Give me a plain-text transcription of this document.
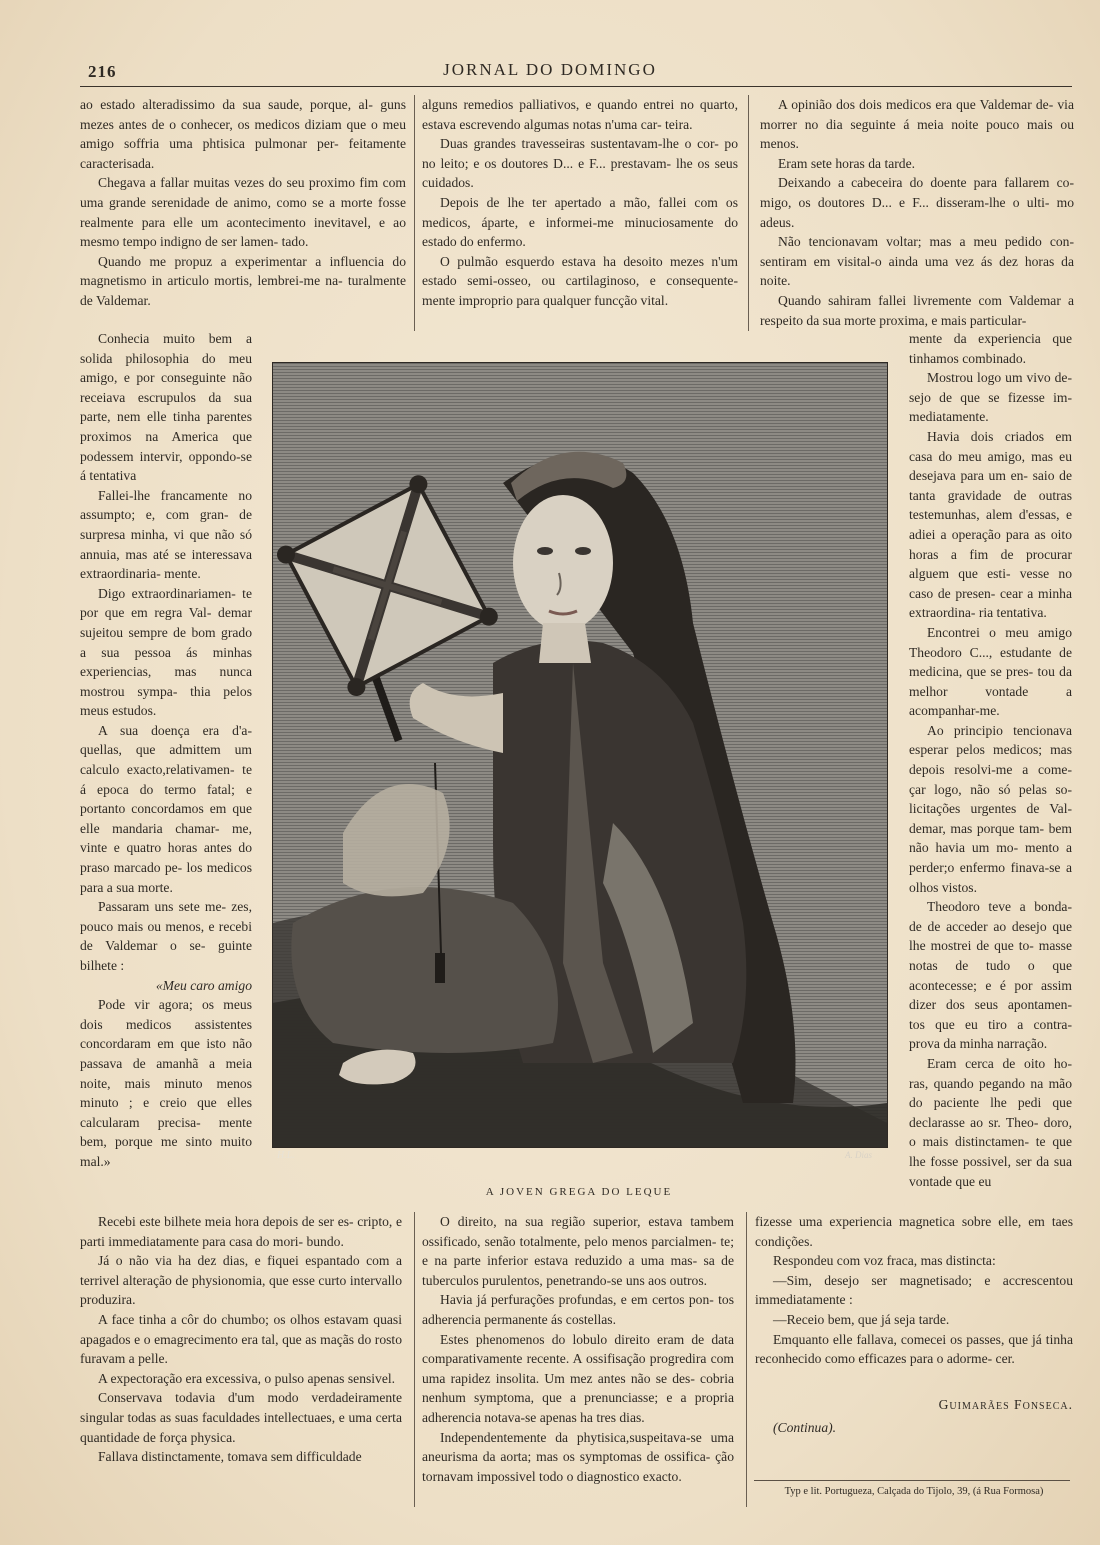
216	JORNAL DO DOMINGO

ao estado alteradissimo da sua saude, porque, al- guns mezes antes de o conhecer, os medicos diziam que o meu amigo soffria uma phtisica pulmonar per- feitamente caracterisada.

Chegava a fallar muitas vezes do seu proximo fim com uma grande serenidade de animo, como se a morte fosse realmente para elle um acontecimento inevitavel, e ao mesmo tempo indigno de ser lamen- tado.

Quando me propuz a experimentar a influencia do magnetismo in articulo mortis, lembrei-me na- turalmente de Valdemar.

Conhecia muito bem a solida philosophia do meu amigo, e por conseguinte não receiava escrupulos da sua parte, nem elle tinha parentes proximos na America que podessem intervir, oppondo-se á tentativa

Fallei-lhe francamente no assumpto; e, com gran- de surpresa minha, vi que não só annuia, mas até se interessava extraordinaria- mente.

Digo extraordinariamen- te por que em regra Val- demar sujeitou sempre de bom grado a sua pessoa ás minhas experiencias, mas nunca mostrou sympa- thia pelos meus estudos.

A sua doença era d'a- quellas, que admittem um calculo exacto,relativamen- te á epoca do termo fatal; e portanto concordamos em que elle mandaria chamar- me, vinte e quatro horas antes do praso marcado pe- los medicos para a sua morte.

Passaram uns sete me- zes, pouco mais ou menos, e recebi de Valdemar o se- guinte bilhete :

«Meu caro amigo

Pode vir agora; os meus dois medicos assistentes concordaram em que isto não passava de amanhã a meia noite, mais minuto menos minuto ; e creio que elles calcularam precisa- mente bem, porque me sinto muito mal.»

Recebi este bilhete meia hora depois de ser es- cripto, e parti immediatamente para casa do mori- bundo.

Já o não via ha dez dias, e fiquei espantado com a terrivel alteração de physionomia, que esse curto intervallo produzira.

A face tinha a côr do chumbo; os olhos estavam quasi apagados e o emagrecimento era tal, que as maçãs do rosto furavam a pelle.

A expectoração era excessiva, o pulso apenas sensivel.

Conservava todavia d'um modo verdadeiramente singular todas as suas faculdades intellectuaes, e uma certa quantidade de força physica.

Fallava distinctamente, tomava sem difficuldade

alguns remedios palliativos, e quando entrei no quarto, estava escrevendo algumas notas n'uma car- teira.

Duas grandes travesseiras sustentavam-lhe o cor- po no leito; e os doutores D... e F... prestavam- lhe os seus cuidados.

Depois de lhe ter apertado a mão, fallei com os medicos, áparte, e informei-me minuciosamente do estado do enfermo.

O pulmão esquerdo estava ha desoito mezes n'um estado semi-osseo, ou cartilaginoso, e consequente- mente improprio para qualquer funcção vital.

O direito, na sua região superior, estava tambem ossificado, senão totalmente, pelo menos parcialmen- te; e na parte inferior estava reduzido a uma mas- sa de tuberculos purulentos, penetrando-se uns aos outros.

Havia já perfurações profundas, e em certos pon- tos adherencia permanente ás costellas.

Estes phenomenos do lobulo direito eram de data comparativamente recente. A ossifisação progredira com uma rapidez insolita. Um mez antes não se des- cobria nenhum symptoma, que a prenunciasse; e a propria adherencia notava-se apenas ha tres dias.

Independentemente da phytisica,suspeitava-se uma aneurisma da aorta; mas os symptomas de ossifica- ção tornavam impossivel todo o diagnostico exacto.

A opinião dos dois medicos era que Valdemar de- via morrer no dia seguinte á meia noite pouco mais ou menos.

Eram sete horas da tarde.

Deixando a cabeceira do doente para fallarem co- migo, os doutores D... e F... disseram-lhe o ulti- mo adeus.

Não tencionavam voltar; mas a meu pedido con- sentiram em visital-o ainda uma vez ás dez horas da noite.

Quando sahiram fallei livremente com Valdemar a respeito da sua morte proxima, e mais particular-

mente da experiencia que tinhamos combinado.

Mostrou logo um vivo de- sejo de que se fizesse im- mediatamente.

Havia dois criados em casa do meu amigo, mas eu desejava para um en- saio de tanta gravidade de outras testemunhas, alem d'essas, e adiei a operação para as oito horas a fim de procurar alguem que esti- vesse no caso de presen- cear a minha extraordina- ria tentativa.

Encontrei o meu amigo Theodoro C..., estudante de medicina, que se pres- tou da melhor vontade a acompanhar-me.

Ao principio tencionava esperar pelos medicos; mas depois resolvi-me a come- çar logo, não só pelas so- licitações urgentes de Val- demar, mas porque tam- bem não havia um mo- mento a perder;o enfermo finava-se a olhos vistos.

Theodoro teve a bonda- de de acceder ao desejo que lhe mostrei de que to- masse notas de tudo o que acontecesse; e é por assim dizer dos seus apontamen- tos que eu tiro a contra- prova da minha narração.

Eram cerca de oito ho- ras, quando pegando na mão do paciente lhe pedi que declarasse ao sr. Theo- doro, o mais distinctamen- te que lhe fosse possivel, ser da sua vontade que eu

fizesse uma experiencia magnetica sobre elle, em taes condições.

Respondeu com voz fraca, mas distincta:

—Sim, desejo ser magnetisado; e accrescentou immediatamente :

—Receio bem, que já seja tarde.

Emquanto elle fallava, comecei os passes, que já tinha reconhecido como efficazes para o adormе- cer.

Guimarães Fonseca.

(Continua).

Typ e lit. Portugueza, Calçada do Tijolo, 39, (á Rua Formosa)
H.L.	A. Dias
A JOVEN GREGA DO LEQUE
